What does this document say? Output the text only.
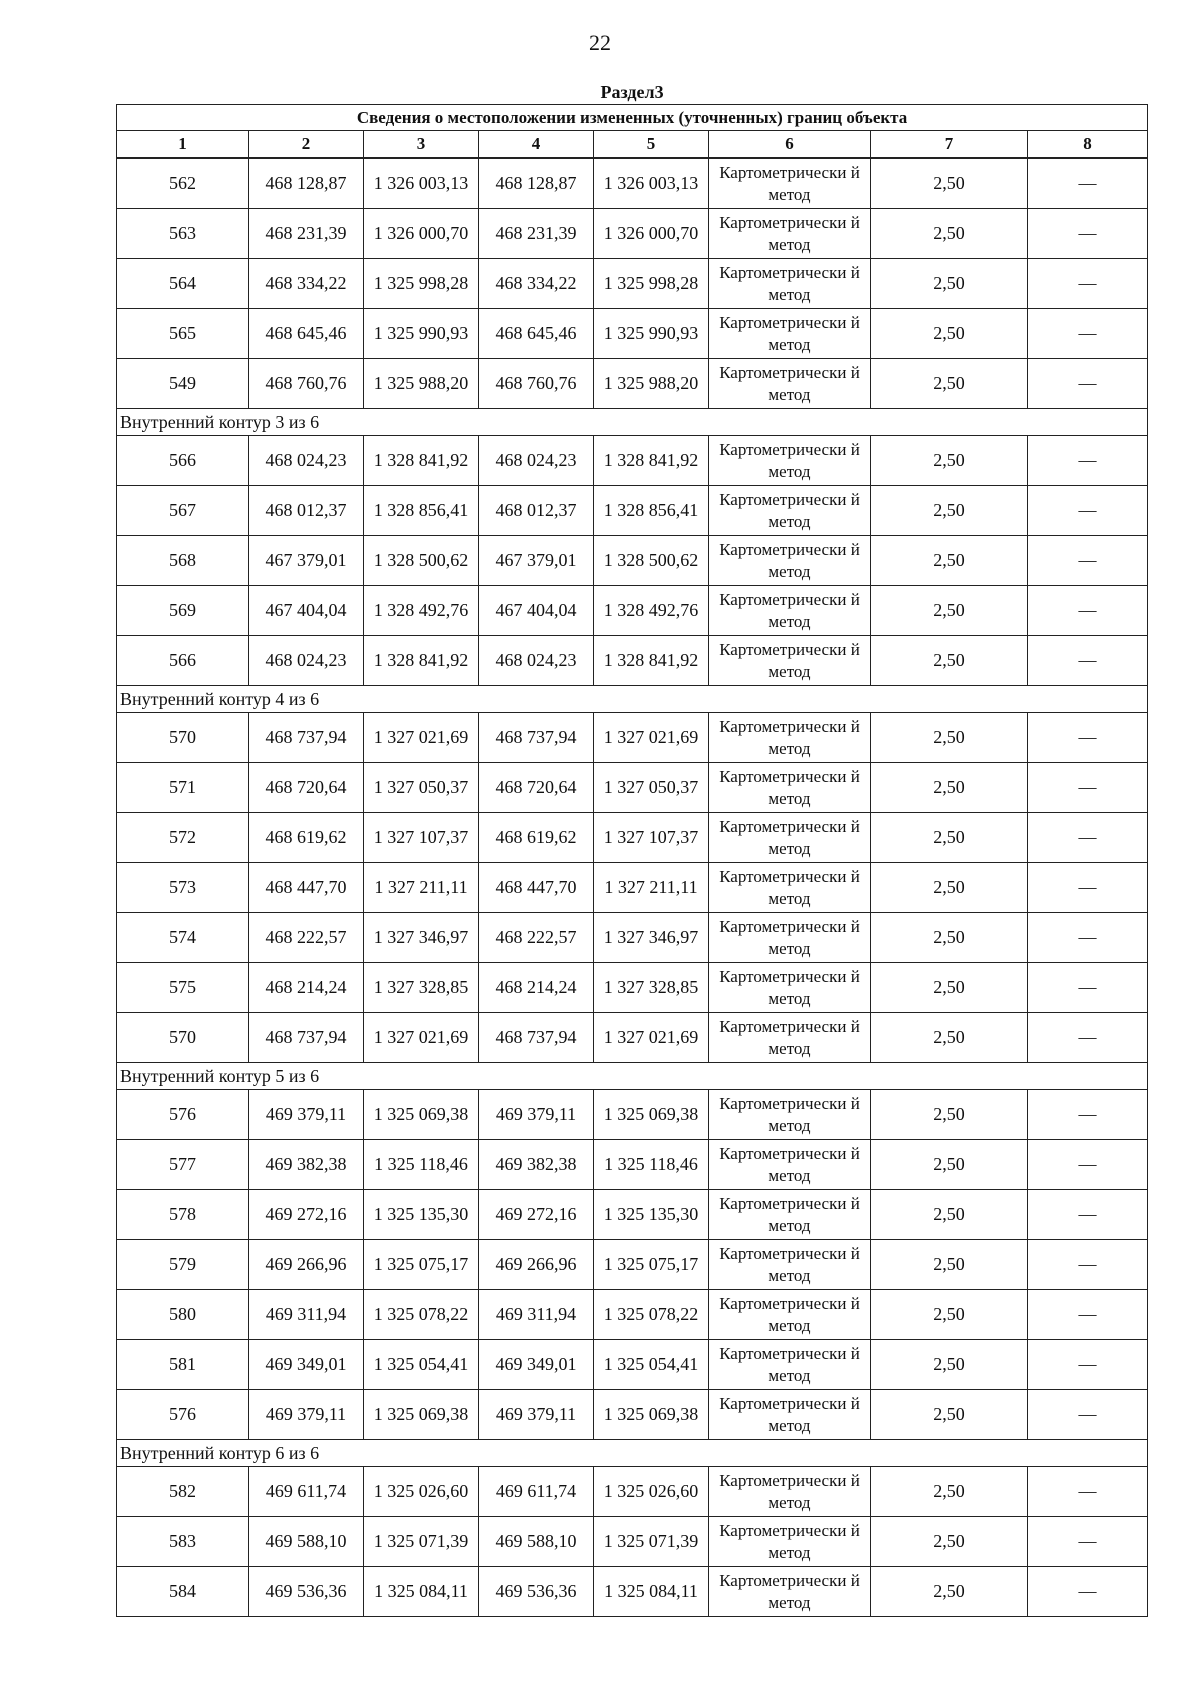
22
Раздел3							
Сведения о местоположении измененных (уточненных) границ объекта							
1	2	3	4	5	6	7	8
562	468 128,87	1 326 003,13	468 128,87	1 326 003,13	Картометрически й метод	2,50	—
563	468 231,39	1 326 000,70	468 231,39	1 326 000,70	Картометрически й метод	2,50	—
564	468 334,22	1 325 998,28	468 334,22	1 325 998,28	Картометрически й метод	2,50	—
565	468 645,46	1 325 990,93	468 645,46	1 325 990,93	Картометрически й метод	2,50	—
549	468 760,76	1 325 988,20	468 760,76	1 325 988,20	Картометрически й метод	2,50	—
Внутренний контур 3 из 6							
566	468 024,23	1 328 841,92	468 024,23	1 328 841,92	Картометрически й метод	2,50	—
567	468 012,37	1 328 856,41	468 012,37	1 328 856,41	Картометрически й метод	2,50	—
568	467 379,01	1 328 500,62	467 379,01	1 328 500,62	Картометрически й метод	2,50	—
569	467 404,04	1 328 492,76	467 404,04	1 328 492,76	Картометрически й метод	2,50	—
566	468 024,23	1 328 841,92	468 024,23	1 328 841,92	Картометрически й метод	2,50	—
Внутренний контур 4 из 6							
570	468 737,94	1 327 021,69	468 737,94	1 327 021,69	Картометрически й метод	2,50	—
571	468 720,64	1 327 050,37	468 720,64	1 327 050,37	Картометрически й метод	2,50	—
572	468 619,62	1 327 107,37	468 619,62	1 327 107,37	Картометрически й метод	2,50	—
573	468 447,70	1 327 211,11	468 447,70	1 327 211,11	Картометрически й метод	2,50	—
574	468 222,57	1 327 346,97	468 222,57	1 327 346,97	Картометрически й метод	2,50	—
575	468 214,24	1 327 328,85	468 214,24	1 327 328,85	Картометрически й метод	2,50	—
570	468 737,94	1 327 021,69	468 737,94	1 327 021,69	Картометрически й метод	2,50	—
Внутренний контур 5 из 6							
576	469 379,11	1 325 069,38	469 379,11	1 325 069,38	Картометрически й метод	2,50	—
577	469 382,38	1 325 118,46	469 382,38	1 325 118,46	Картометрически й метод	2,50	—
578	469 272,16	1 325 135,30	469 272,16	1 325 135,30	Картометрически й метод	2,50	—
579	469 266,96	1 325 075,17	469 266,96	1 325 075,17	Картометрически й метод	2,50	—
580	469 311,94	1 325 078,22	469 311,94	1 325 078,22	Картометрически й метод	2,50	—
581	469 349,01	1 325 054,41	469 349,01	1 325 054,41	Картометрически й метод	2,50	—
576	469 379,11	1 325 069,38	469 379,11	1 325 069,38	Картометрически й метод	2,50	—
Внутренний контур 6 из 6							
582	469 611,74	1 325 026,60	469 611,74	1 325 026,60	Картометрически й метод	2,50	—
583	469 588,10	1 325 071,39	469 588,10	1 325 071,39	Картометрически й метод	2,50	—
584	469 536,36	1 325 084,11	469 536,36	1 325 084,11	Картометрически й метод	2,50	—
